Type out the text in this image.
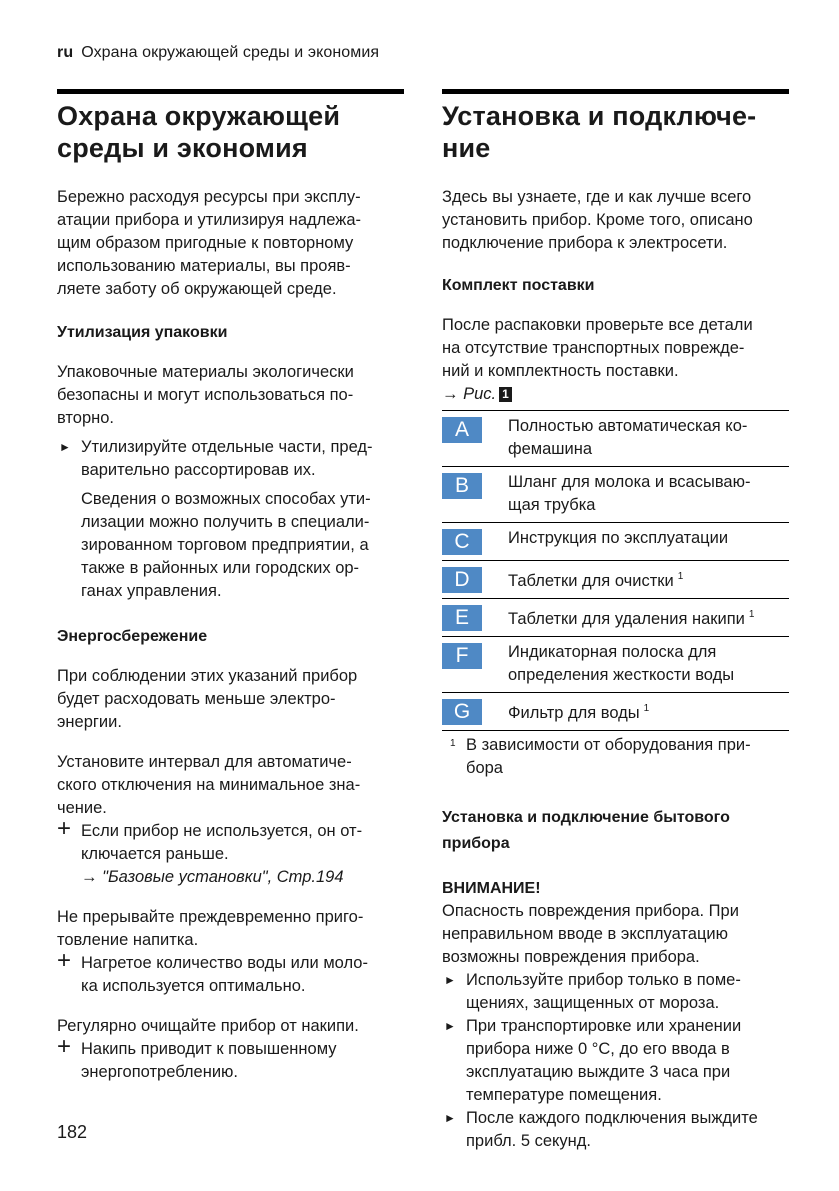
ru Охрана окружающей среды и экономия
Охрана окружающей
среды и экономия

Бережно расходуя ресурсы при эксплу-
атации прибора и утилизируя надлежа-
щим образом пригодные к повторному
использованию материалы, вы прояв-
ляете заботу об окружающей среде.

Утилизация упаковки

Упаковочные материалы экологически
безопасны и могут использоваться по-
вторно.

► Утилизируйте отдельные части, пред-
варительно рассортировав их.
Сведения о возможных способах ути-
лизации можно получить в специали-
зированном торговом предприятии, а
также в районных или городских ор-
ганах управления.
Энергосбережение

При соблюдении этих указаний прибор
будет расходовать меньше электро-
энергии.

Установите интервал для автоматиче-
ского отключения на минимальное зна-
чение.

+ Если прибор не используется, он от-
ключается раньше.
→ "Базовые установки", Стр.194

Не прерывайте преждевременно приго-
товление напитка.

+ Нагретое количество воды или моло-
ка используется оптимально.

Регулярно очищайте прибор от накипи.

+ Накипь приводит к повышенному
энергопотреблению.
Установка и подключе-
ние

Здесь вы узнаете, где и как лучше всего
установить прибор. Кроме того, описано
подключение прибора к электросети.

Комплект поставки

После распаковки проверьте все детали
на отсутствие транспортных поврежде-
ний и комплектность поставки.

→ Рис. 1
A	Полностью автоматическая ко-
фемашина

B	Шланг для молока и всасываю-
щая трубка

C	Инструкция по эксплуатации

D	Таблетки для очистки $^1$

E	Таблетки для удаления накипи $^1$

F	Индикаторная полоска для
определения жесткости воды

G	Фильтр для воды $^1$
1 В зависимости от оборудования при-
бора
Установка и подключение бытового
прибора
ВНИМАНИЕ!

Опасность повреждения прибора. При
неправильном вводе в эксплуатацию
возможны повреждения прибора.

► Используйте прибор только в поме-
щениях, защищенных от мороза.
► При транспортировке или хранении
прибора ниже 0 °C, до его ввода в
эксплуатацию выждите 3 часа при
температуре помещения.
► После каждого подключения выждите
прибл. 5 секунд.
182
